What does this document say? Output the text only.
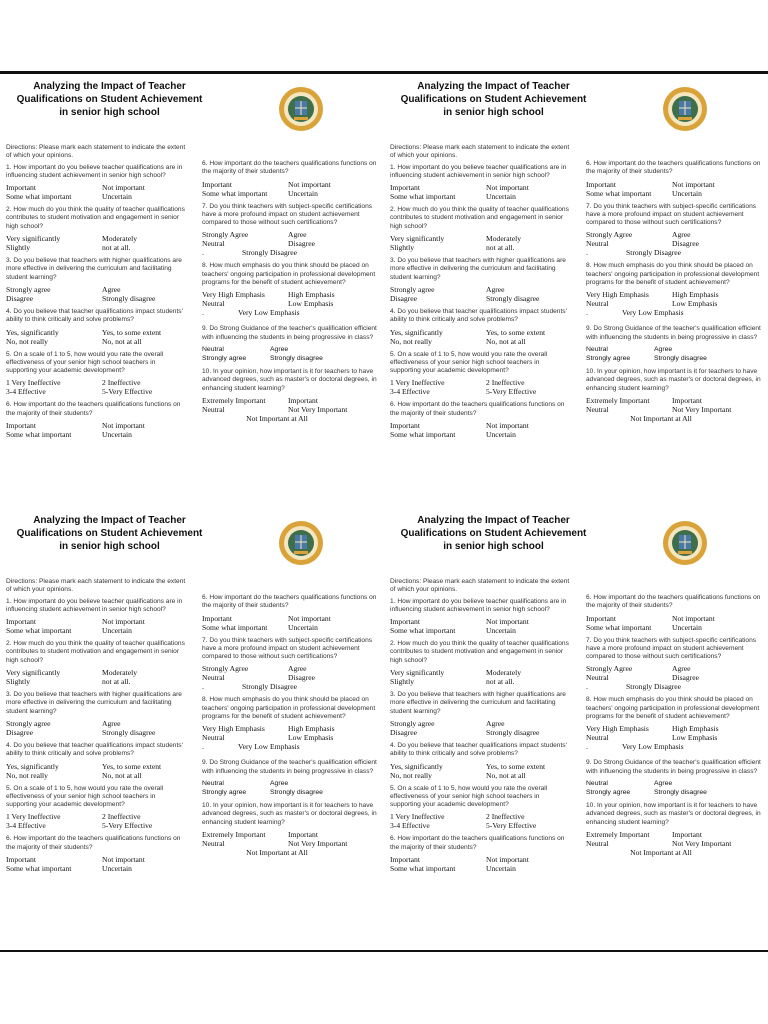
Analyzing the Impact of Teacher Qualifications on Student Achievement in senior high school
Directions: Please mark each statement to indicate the extent of which your opinions.
1. How important do you believe teacher qualifications are in influencing student achievement in senior high school?
Important	Not important
Some what important	Uncertain
2. How much do you think the quality of teacher qualifications contributes to student motivation and engagement in senior high school?
Very significantly	Moderately
Slightly	not at all.
3. Do you believe that teachers with higher qualifications are more effective in delivering the curriculum and facilitating student learning?
Strongly agree	Agree
Disagree	Strongly disagree
4. Do you believe that teacher qualifications impact students' ability to think critically and solve problems?
Yes, significantly	Yes, to some extent
No, not really	No, not at all
5. On a scale of 1 to 5, how would you rate the overall effectiveness of your senior high school teachers in supporting your academic development?
1 Very Ineffective	2 Ineffective
3-4 Effective	5-Very Effective
6. How important do the teachers qualifications functions on the majority of their students?
Important	Not important
Some what important	Uncertain
6. How important do the teachers qualifications functions on the majority of their students?
Important	Not important
Some what important	Uncertain
7. Do you think teachers with subject-specific certifications have a more profound impact on student achievement compared to those without such certifications?
Strongly Agree	Agree
Neutral	Disagree
.	Strongly Disagree
8. How much emphasis do you think should be placed on teachers' ongoing participation in professional development programs for the benefit of student achievement?
Very High Emphasis	High Emphasis
Neutral	Low Emphasis
.	Very Low Emphasis
9. Do Strong Guidance of the teacher's qualification efficient with influencing the students in being progressive in class?
Neutral	Agree
Strongly agree	Strongly disagree
10. In your opinion, how important is it for teachers to have advanced degrees, such as master's or doctoral degrees, in enhancing student learning?
Extremely Important	Important
Neutral	Not Very Important
Not Important at All
Analyzing the Impact of Teacher Qualifications on Student Achievement in senior high school
Directions: Please mark each statement to indicate the extent of which your opinions.
1. How important do you believe teacher qualifications are in influencing student achievement in senior high school?
Important	Not important
Some what important	Uncertain
2. How much do you think the quality of teacher qualifications contributes to student motivation and engagement in senior high school?
Very significantly	Moderately
Slightly	not at all.
3. Do you believe that teachers with higher qualifications are more effective in delivering the curriculum and facilitating student learning?
Strongly agree	Agree
Disagree	Strongly disagree
4. Do you believe that teacher qualifications impact students' ability to think critically and solve problems?
Yes, significantly	Yes, to some extent
No, not really	No, not at all
5. On a scale of 1 to 5, how would you rate the overall effectiveness of your senior high school teachers in supporting your academic development?
1 Very Ineffective	2 Ineffective
3-4 Effective	5-Very Effective
6. How important do the teachers qualifications functions on the majority of their students?
Important	Not important
Some what important	Uncertain
6. How important do the teachers qualifications functions on the majority of their students?
Important	Not important
Some what important	Uncertain
7. Do you think teachers with subject-specific certifications have a more profound impact on student achievement compared to those without such certifications?
Strongly Agree	Agree
Neutral	Disagree
.	Strongly Disagree
8. How much emphasis do you think should be placed on teachers' ongoing participation in professional development programs for the benefit of student achievement?
Very High Emphasis	High Emphasis
Neutral	Low Emphasis
.	Very Low Emphasis
9. Do Strong Guidance of the teacher's qualification efficient with influencing the students in being progressive in class?
Neutral	Agree
Strongly agree	Strongly disagree
10. In your opinion, how important is it for teachers to have advanced degrees, such as master's or doctoral degrees, in enhancing student learning?
Extremely Important	Important
Neutral	Not Very Important
Not Important at All
Analyzing the Impact of Teacher Qualifications on Student Achievement in senior high school
Directions: Please mark each statement to indicate the extent of which your opinions.
1. How important do you believe teacher qualifications are in influencing student achievement in senior high school?
Important	Not important
Some what important	Uncertain
2. How much do you think the quality of teacher qualifications contributes to student motivation and engagement in senior high school?
Very significantly	Moderately
Slightly	not at all.
3. Do you believe that teachers with higher qualifications are more effective in delivering the curriculum and facilitating student learning?
Strongly agree	Agree
Disagree	Strongly disagree
4. Do you believe that teacher qualifications impact students' ability to think critically and solve problems?
Yes, significantly	Yes, to some extent
No, not really	No, not at all
5. On a scale of 1 to 5, how would you rate the overall effectiveness of your senior high school teachers in supporting your academic development?
1 Very Ineffective	2 Ineffective
3-4 Effective	5-Very Effective
6. How important do the teachers qualifications functions on the majority of their students?
Important	Not important
Some what important	Uncertain
6. How important do the teachers qualifications functions on the majority of their students?
Important	Not important
Some what important	Uncertain
7. Do you think teachers with subject-specific certifications have a more profound impact on student achievement compared to those without such certifications?
Strongly Agree	Agree
Neutral	Disagree
.	Strongly Disagree
8. How much emphasis do you think should be placed on teachers' ongoing participation in professional development programs for the benefit of student achievement?
Very High Emphasis	High Emphasis
Neutral	Low Emphasis
.	Very Low Emphasis
9. Do Strong Guidance of the teacher's qualification efficient with influencing the students in being progressive in class?
Neutral	Agree
Strongly agree	Strongly disagree
10. In your opinion, how important is it for teachers to have advanced degrees, such as master's or doctoral degrees, in enhancing student learning?
Extremely Important	Important
Neutral	Not Very Important
Not Important at All
Analyzing the Impact of Teacher Qualifications on Student Achievement in senior high school
Directions: Please mark each statement to indicate the extent of which your opinions.
1. How important do you believe teacher qualifications are in influencing student achievement in senior high school?
Important	Not important
Some what important	Uncertain
2. How much do you think the quality of teacher qualifications contributes to student motivation and engagement in senior high school?
Very significantly	Moderately
Slightly	not at all.
3. Do you believe that teachers with higher qualifications are more effective in delivering the curriculum and facilitating student learning?
Strongly agree	Agree
Disagree	Strongly disagree
4. Do you believe that teacher qualifications impact students' ability to think critically and solve problems?
Yes, significantly	Yes, to some extent
No, not really	No, not at all
5. On a scale of 1 to 5, how would you rate the overall effectiveness of your senior high school teachers in supporting your academic development?
1 Very Ineffective	2 Ineffective
3-4 Effective	5-Very Effective
6. How important do the teachers qualifications functions on the majority of their students?
Important	Not important
Some what important	Uncertain
6. How important do the teachers qualifications functions on the majority of their students?
Important	Not important
Some what important	Uncertain
7. Do you think teachers with subject-specific certifications have a more profound impact on student achievement compared to those without such certifications?
Strongly Agree	Agree
Neutral	Disagree
.	Strongly Disagree
8. How much emphasis do you think should be placed on teachers' ongoing participation in professional development programs for the benefit of student achievement?
Very High Emphasis	High Emphasis
Neutral	Low Emphasis
.	Very Low Emphasis
9. Do Strong Guidance of the teacher's qualification efficient with influencing the students in being progressive in class?
Neutral	Agree
Strongly agree	Strongly disagree
10. In your opinion, how important is it for teachers to have advanced degrees, such as master's or doctoral degrees, in enhancing student learning?
Extremely Important	Important
Neutral	Not Very Important
Not Important at All
